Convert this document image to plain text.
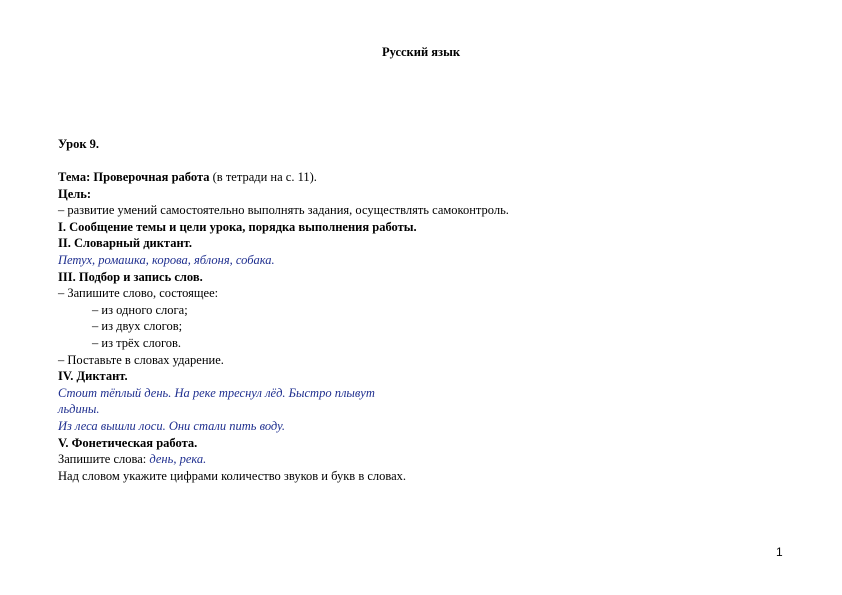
Русский язык
Урок 9.
Тема: Проверочная работа (в тетради на с. 11).
Цель:
– развитие умений самостоятельно выполнять задания, осуществлять самоконтроль.
I. Сообщение темы и цели урока, порядка выполнения работы.
II. Словарный диктант.
Петух, ромашка, корова, яблоня, собака.
III. Подбор и запись слов.
– Запишите слово, состоящее:
– из одного слога;
– из двух слогов;
– из трёх слогов.
– Поставьте в словах ударение.
IV. Диктант.
Стоит тёплый день. На реке треснул лёд. Быстро плывут
льдины.
Из леса вышли лоси. Они стали пить воду.
V. Фонетическая работа.
Запишите слова: день, река.
Над словом укажите цифрами количество звуков и букв в словах.
1
